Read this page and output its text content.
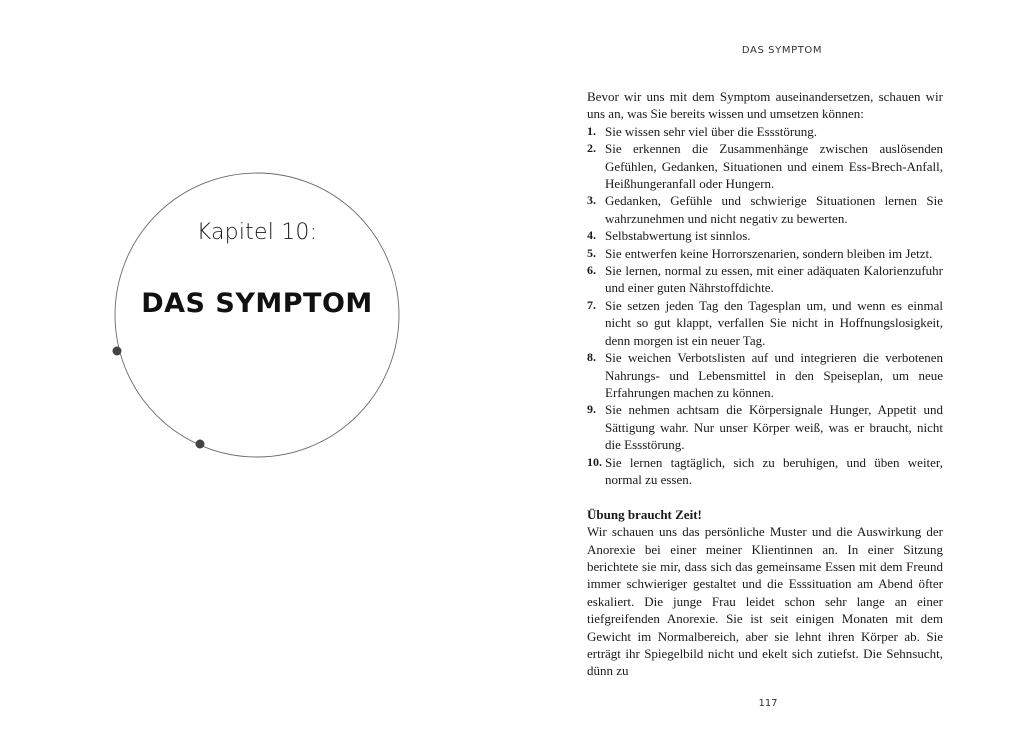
Kapitel 10:
DAS SYMPTOM
DAS SYMPTOM

Bevor wir uns mit dem Symptom auseinandersetzen, schauen wir uns an, was Sie bereits wissen und umsetzen können:

1. Sie wissen sehr viel über die Essstörung.
2. Sie erkennen die Zusammenhänge zwischen auslösenden Gefühlen, Gedanken, Situationen und einem Ess-Brech-Anfall, Heißhungeranfall oder Hungern.
3. Gedanken, Gefühle und schwierige Situationen lernen Sie wahrzunehmen und nicht negativ zu bewerten.
4. Selbstabwertung ist sinnlos.
5. Sie entwerfen keine Horrorszenarien, sondern bleiben im Jetzt.
6. Sie lernen, normal zu essen, mit einer adäquaten Kalorienzufuhr und einer guten Nährstoffdichte.
7. Sie setzen jeden Tag den Tagesplan um, und wenn es einmal nicht so gut klappt, verfallen Sie nicht in Hoffnungslosigkeit, denn morgen ist ein neuer Tag.
8. Sie weichen Verbotslisten auf und integrieren die verbotenen Nahrungs- und Lebensmittel in den Speiseplan, um neue Erfahrungen machen zu können.
9. Sie nehmen achtsam die Körpersignale Hunger, Appetit und Sättigung wahr. Nur unser Körper weiß, was er braucht, nicht die Essstörung.
10. Sie lernen tagtäglich, sich zu beruhigen, und üben weiter, normal zu essen.

Übung braucht Zeit!

Wir schauen uns das persönliche Muster und die Auswirkung der Anorexie bei einer meiner Klientinnen an. In einer Sitzung berichtete sie mir, dass sich das gemeinsame Essen mit dem Freund immer schwieriger gestaltet und die Esssituation am Abend öfter eskaliert. Die junge Frau leidet schon sehr lange an einer tiefgreifenden Anorexie. Sie ist seit einigen Monaten mit dem Gewicht im Normalbereich, aber sie lehnt ihren Körper ab. Sie erträgt ihr Spiegelbild nicht und ekelt sich zutiefst. Die Sehnsucht, dünn zu

117
